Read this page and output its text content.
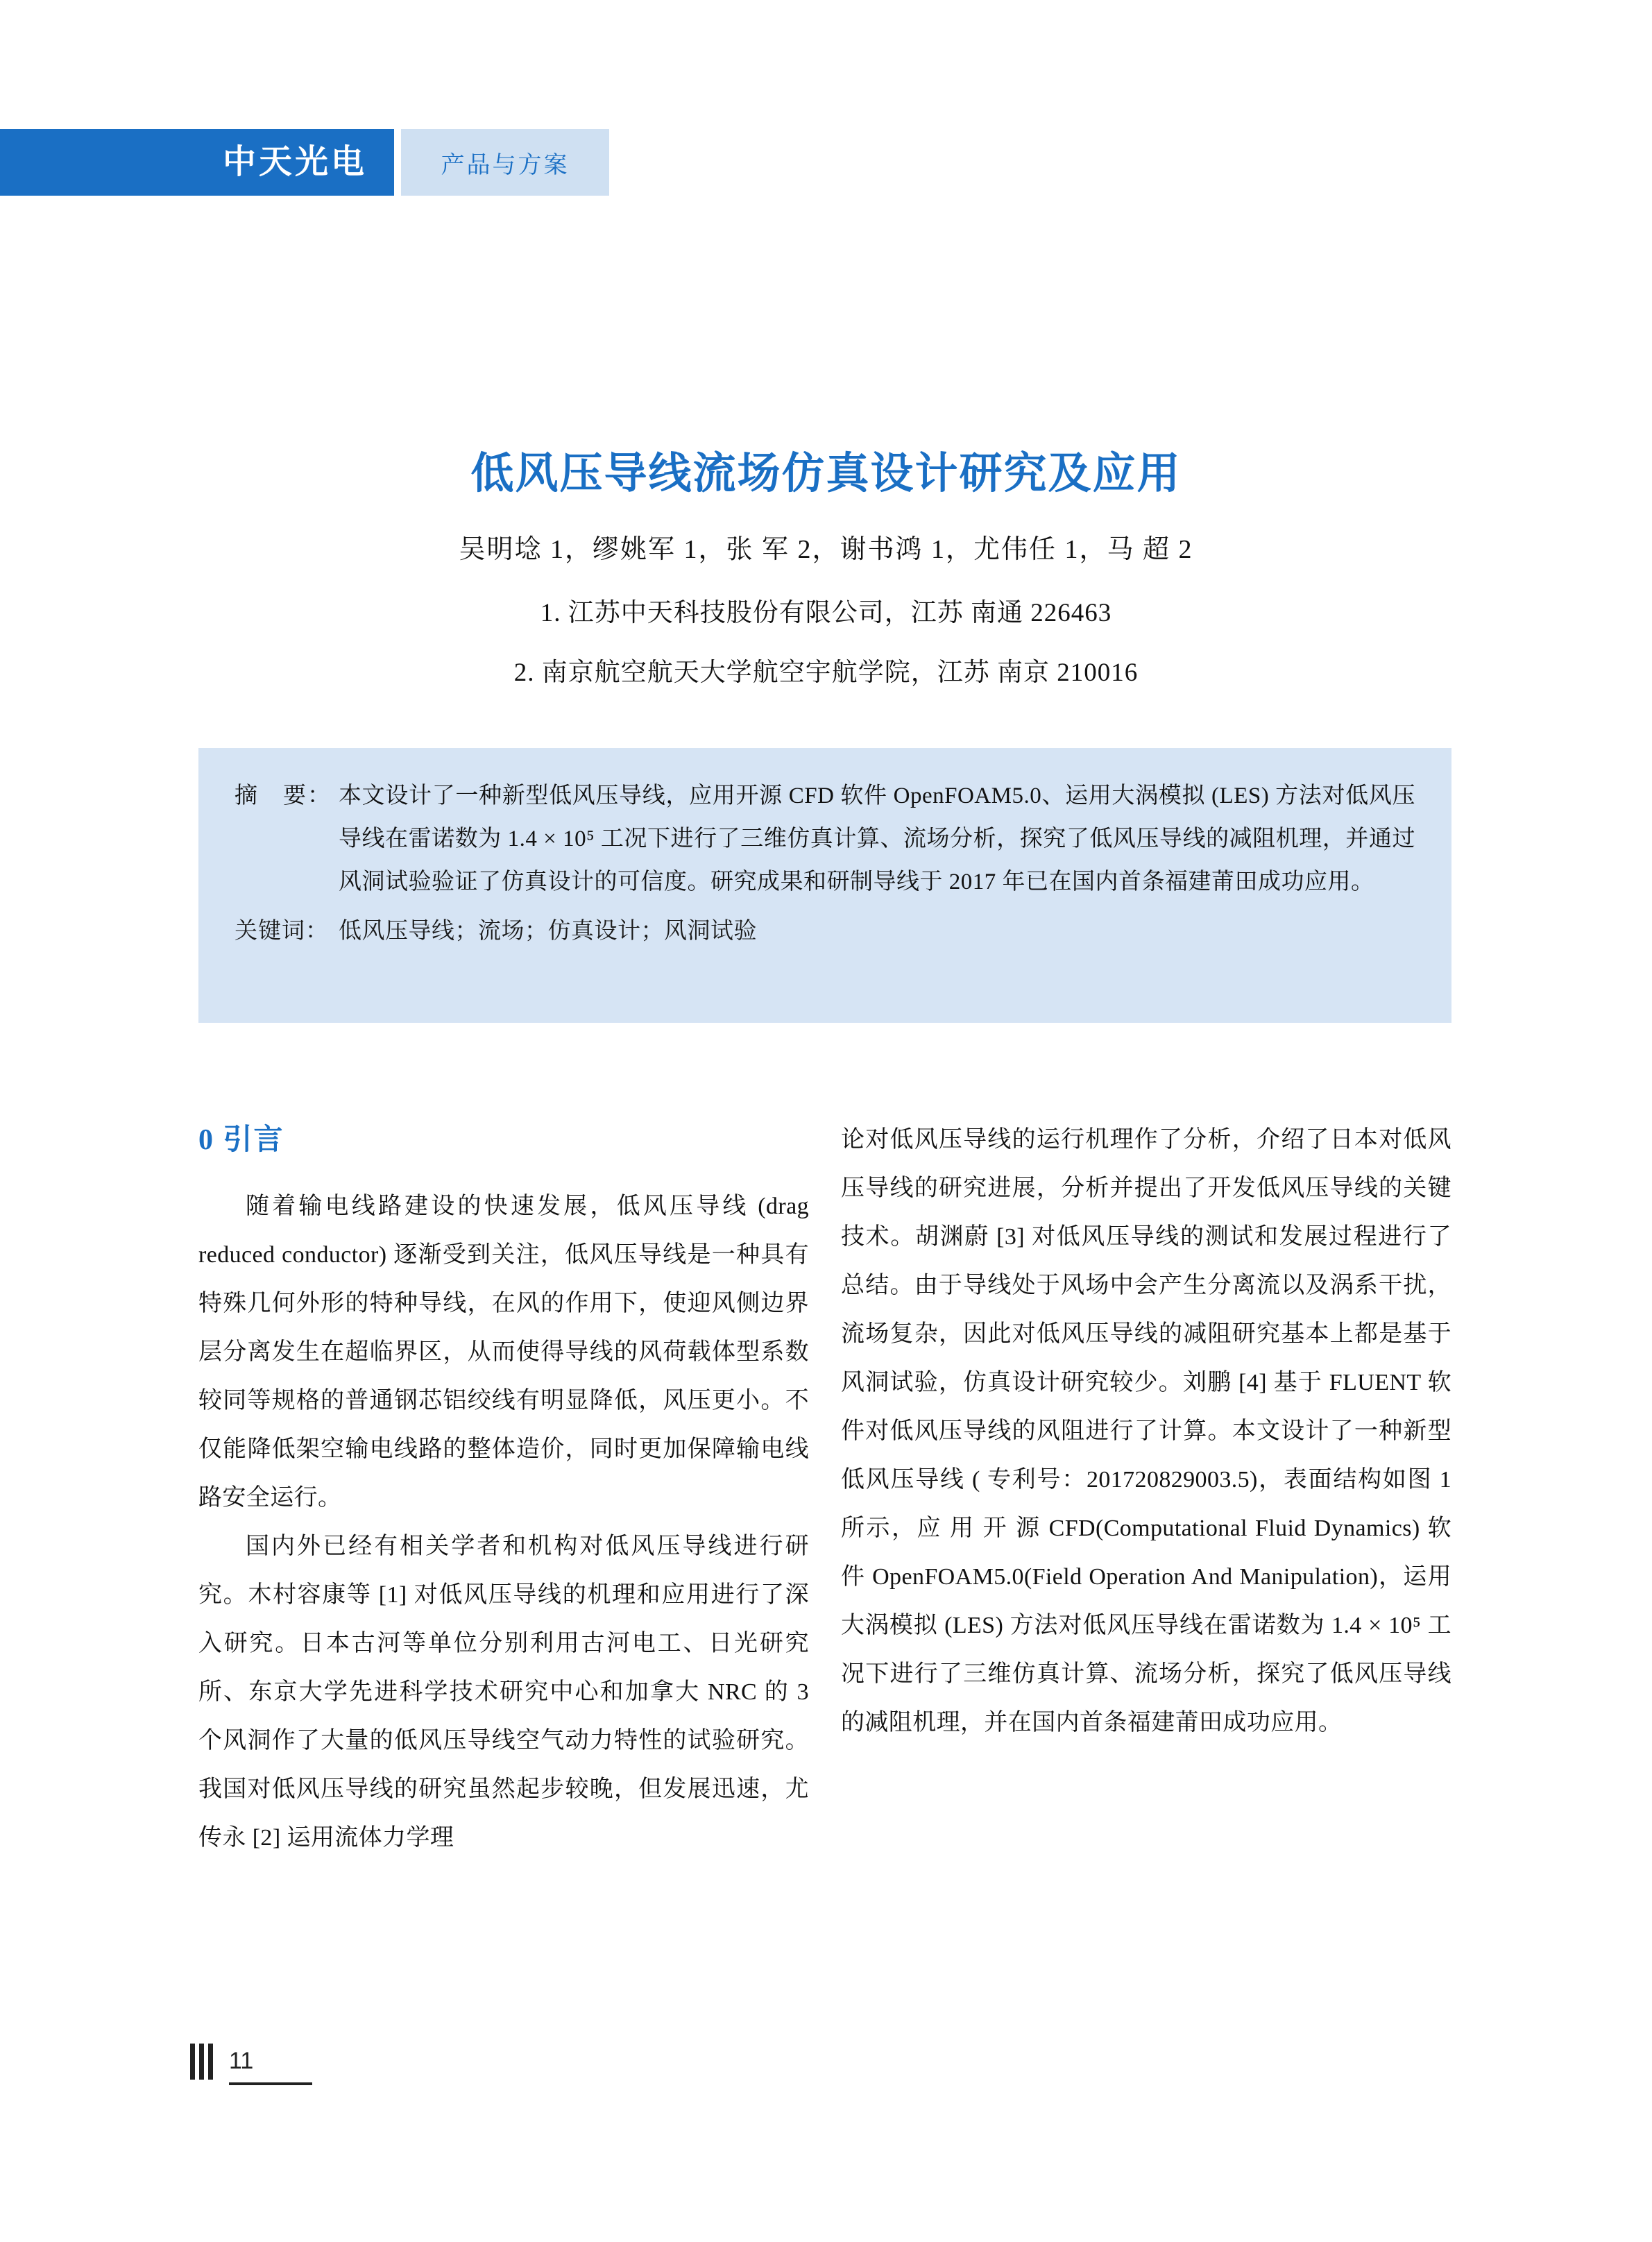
中天光电	产品与方案
低风压导线流场仿真设计研究及应用
吴明埝 1，缪姚军 1，张 军 2，谢书鸿 1，尤伟任 1，马 超 2
1. 江苏中天科技股份有限公司，江苏 南通 226463
2. 南京航空航天大学航空宇航学院，江苏 南京 210016
摘　要： 本文设计了一种新型低风压导线，应用开源 CFD 软件 OpenFOAM5.0、运用大涡模拟 (LES) 方法对低风压导线在雷诺数为 1.4 × 10⁵ 工况下进行了三维仿真计算、流场分析，探究了低风压导线的减阻机理，并通过风洞试验验证了仿真设计的可信度。研究成果和研制导线于 2017 年已在国内首条福建莆田成功应用。
关键词： 低风压导线；流场；仿真设计；风洞试验
0 引言

随着输电线路建设的快速发展，低风压导线 (drag reduced conductor) 逐渐受到关注，低风压导线是一种具有特殊几何外形的特种导线，在风的作用下，使迎风侧边界层分离发生在超临界区，从而使得导线的风荷载体型系数较同等规格的普通钢芯铝绞线有明显降低，风压更小。不仅能降低架空输电线路的整体造价，同时更加保障输电线路安全运行。

国内外已经有相关学者和机构对低风压导线进行研究。木村容康等 [1] 对低风压导线的机理和应用进行了深入研究。日本古河等单位分别利用古河电工、日光研究所、东京大学先进科学技术研究中心和加拿大 NRC 的 3 个风洞作了大量的低风压导线空气动力特性的试验研究。我国对低风压导线的研究虽然起步较晚，但发展迅速，尤传永 [2] 运用流体力学理

论对低风压导线的运行机理作了分析，介绍了日本对低风压导线的研究进展，分析并提出了开发低风压导线的关键技术。胡渊蔚 [3] 对低风压导线的测试和发展过程进行了总结。由于导线处于风场中会产生分离流以及涡系干扰，流场复杂，因此对低风压导线的减阻研究基本上都是基于风洞试验，仿真设计研究较少。刘鹏 [4] 基于 FLUENT 软件对低风压导线的风阻进行了计算。本文设计了一种新型低风压导线 ( 专利号：201720829003.5)，表面结构如图 1 所示，应 用 开 源 CFD(Computational Fluid Dynamics) 软 件 OpenFOAM5.0(Field Operation And Manipulation)，运用大涡模拟 (LES) 方法对低风压导线在雷诺数为 1.4 × 10⁵ 工况下进行了三维仿真计算、流场分析，探究了低风压导线的减阻机理，并在国内首条福建莆田成功应用。

11
